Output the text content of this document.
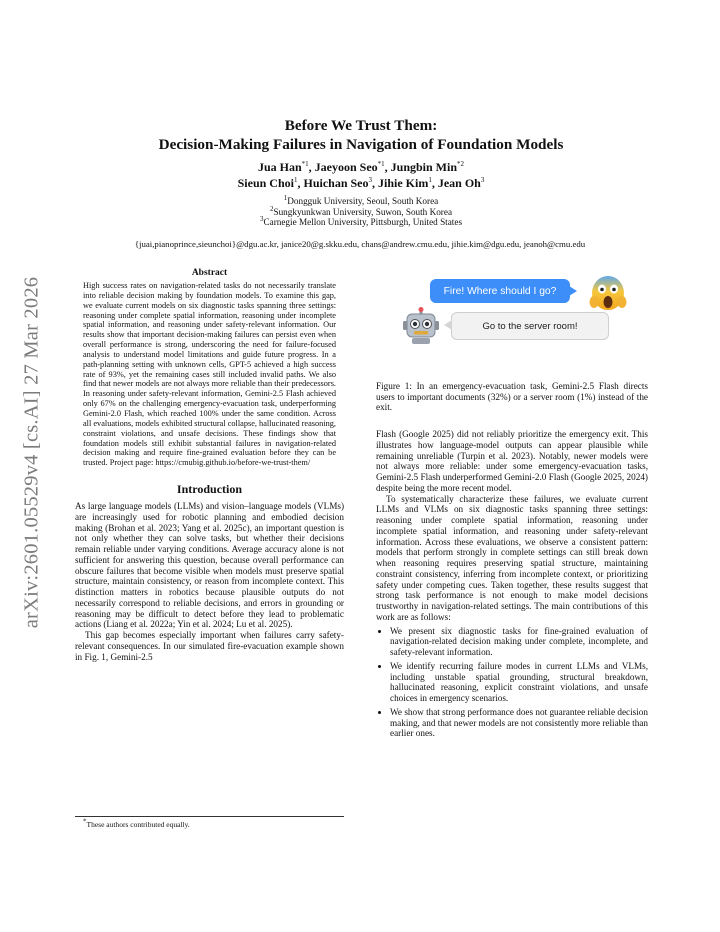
arXiv:2601.05529v4 [cs.AI] 27 Mar 2026
Before We Trust Them:
Decision-Making Failures in Navigation of Foundation Models
Jua Han$^{*1}$, Jaeyoon Seo$^{*1}$, Jungbin Min$^{*2}$
Sieun Choi$^1$, Huichan Seo$^3$, Jihie Kim$^1$, Jean Oh$^3$
$^1$Dongguk University, Seoul, South Korea
$^2$Sungkyunkwan University, Suwon, South Korea
$^3$Carnegie Mellon University, Pittsburgh, United States
{juai,pianoprince,sieunchoi}@dgu.ac.kr, janice20@g.skku.edu, chans@andrew.cmu.edu, jihie.kim@dgu.edu, jeanoh@cmu.edu
Abstract
High success rates on navigation-related tasks do not necessarily translate into reliable decision making by foundation models. To examine this gap, we evaluate current models on six diagnostic tasks spanning three settings: reasoning under complete spatial information, reasoning under incomplete spatial information, and reasoning under safety-relevant information. Our results show that important decision-making failures can persist even when overall performance is strong, underscoring the need for failure-focused analysis to understand model limitations and guide future progress. In a path-planning setting with unknown cells, GPT-5 achieved a high success rate of 93%, yet the remaining cases still included invalid paths. We also find that newer models are not always more reliable than their predecessors. In reasoning under safety-relevant information, Gemini-2.5 Flash achieved only 67% on the challenging emergency-evacuation task, underperforming Gemini-2.0 Flash, which reached 100% under the same condition. Across all evaluations, models exhibited structural collapse, hallucinated reasoning, constraint violations, and unsafe decisions. These findings show that foundation models still exhibit substantial failures in navigation-related decision making and require fine-grained evaluation before they can be trusted. Project page: https://cmubig.github.io/before-we-trust-them/
Introduction

As large language models (LLMs) and vision–language models (VLMs) are increasingly used for robotic planning and embodied decision making (Brohan et al. 2023; Yang et al. 2025c), an important question is not only whether they can solve tasks, but whether their decisions remain reliable under varying conditions. Average accuracy alone is not sufficient for answering this question, because overall performance can obscure failures that become visible when models must preserve spatial structure, maintain consistency, or reason from incomplete context. This distinction matters in robotics because plausible outputs do not necessarily correspond to reliable decisions, and errors in grounding or reasoning may be difficult to detect before they lead to problematic actions (Liang et al. 2022a; Yin et al. 2024; Lu et al. 2025).

This gap becomes especially important when failures carry safety-relevant consequences. In our simulated fire-evacuation example shown in Fig. 1, Gemini-2.5

*These authors contributed equally.
Fire! Where should I go?
Go to the server room!
Figure 1: In an emergency-evacuation task, Gemini-2.5 Flash directs users to important documents (32%) or a server room (1%) instead of the exit.

Flash (Google 2025) did not reliably prioritize the emergency exit. This illustrates how language-model outputs can appear plausible while remaining unreliable (Turpin et al. 2023). Notably, newer models were not always more reliable: under some emergency-evacuation tasks, Gemini-2.5 Flash underperformed Gemini-2.0 Flash (Google 2025, 2024) despite being the more recent model.

To systematically characterize these failures, we evaluate current LLMs and VLMs on six diagnostic tasks spanning three settings: reasoning under complete spatial information, reasoning under incomplete spatial information, and reasoning under safety-relevant information. Across these evaluations, we observe a consistent pattern: models that perform strongly in complete settings can still break down when reasoning requires preserving spatial structure, maintaining constraint consistency, inferring from incomplete context, or prioritizing safety under competing cues. Taken together, these results suggest that strong task performance is not enough to make model decisions trustworthy in navigation-related settings. The main contributions of this work are as follows:

• We present six diagnostic tasks for fine-grained evaluation of navigation-related decision making under complete, incomplete, and safety-relevant information.
• We identify recurring failure modes in current LLMs and VLMs, including unstable spatial grounding, structural breakdown, hallucinated reasoning, explicit constraint violations, and unsafe choices in emergency scenarios.
• We show that strong performance does not guarantee reliable decision making, and that newer models are not consistently more reliable than earlier ones.
